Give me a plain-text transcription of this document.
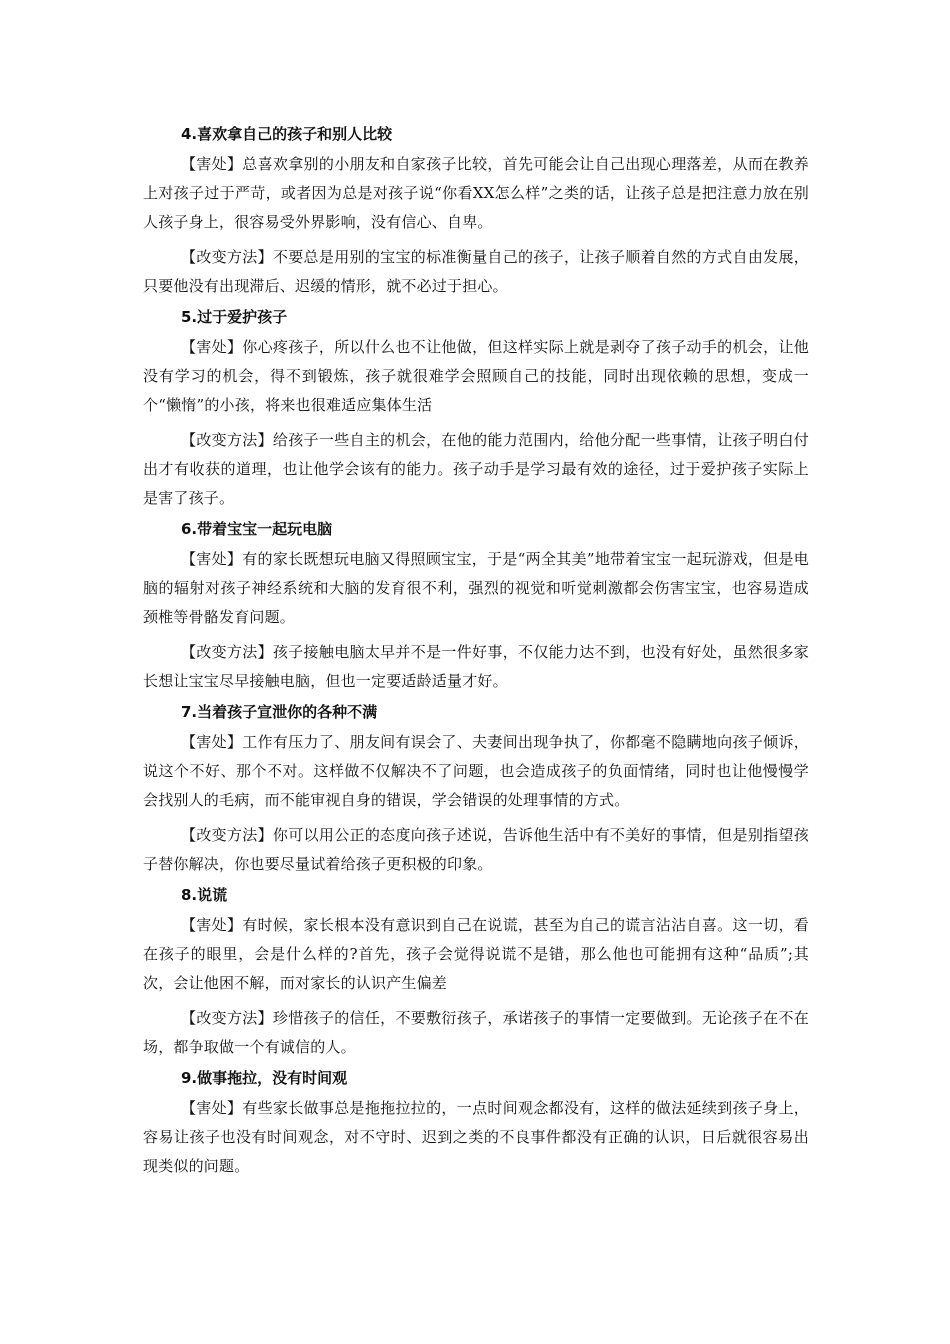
4.喜欢拿自己的孩子和别人比较

【害处】总喜欢拿别的小朋友和自家孩子比较，首先可能会让自己出现心理落差，从而在教养上对孩子过于严苛，或者因为总是对孩子说“你看XX怎么样”之类的话，让孩子总是把注意力放在别人孩子身上，很容易受外界影响，没有信心、自卑。

【改变方法】不要总是用别的宝宝的标准衡量自己的孩子，让孩子顺着自然的方式自由发展，只要他没有出现滞后、迟缓的情形，就不必过于担心。

5.过于爱护孩子

【害处】你心疼孩子，所以什么也不让他做，但这样实际上就是剥夺了孩子动手的机会，让他没有学习的机会，得不到锻炼，孩子就很难学会照顾自己的技能，同时出现依赖的思想，变成一个“懒惰”的小孩，将来也很难适应集体生活

【改变方法】给孩子一些自主的机会，在他的能力范围内，给他分配一些事情，让孩子明白付出才有收获的道理，也让他学会该有的能力。孩子动手是学习最有效的途径，过于爱护孩子实际上是害了孩子。

6.带着宝宝一起玩电脑

【害处】有的家长既想玩电脑又得照顾宝宝，于是“两全其美”地带着宝宝一起玩游戏，但是电脑的辐射对孩子神经系统和大脑的发育很不利，强烈的视觉和听觉刺激都会伤害宝宝，也容易造成颈椎等骨骼发育问题。

【改变方法】孩子接触电脑太早并不是一件好事，不仅能力达不到，也没有好处，虽然很多家长想让宝宝尽早接触电脑，但也一定要适龄适量才好。

7.当着孩子宣泄你的各种不满

【害处】工作有压力了、朋友间有误会了、夫妻间出现争执了，你都毫不隐瞒地向孩子倾诉，说这个不好、那个不对。这样做不仅解决不了问题，也会造成孩子的负面情绪，同时也让他慢慢学会找别人的毛病，而不能审视自身的错误，学会错误的处理事情的方式。

【改变方法】你可以用公正的态度向孩子述说，告诉他生活中有不美好的事情，但是别指望孩子替你解决，你也要尽量试着给孩子更积极的印象。

8.说谎

【害处】有时候，家长根本没有意识到自己在说谎，甚至为自己的谎言沾沾自喜。这一切，看在孩子的眼里，会是什么样的?首先，孩子会觉得说谎不是错，那么他也可能拥有这种“品质”;其次，会让他困不解，而对家长的认识产生偏差

【改变方法】珍惜孩子的信任，不要敷衍孩子，承诺孩子的事情一定要做到。无论孩子在不在场，都争取做一个有诚信的人。

9.做事拖拉，没有时间观

【害处】有些家长做事总是拖拖拉拉的，一点时间观念都没有，这样的做法延续到孩子身上，容易让孩子也没有时间观念，对不守时、迟到之类的不良事件都没有正确的认识，日后就很容易出现类似的问题。
